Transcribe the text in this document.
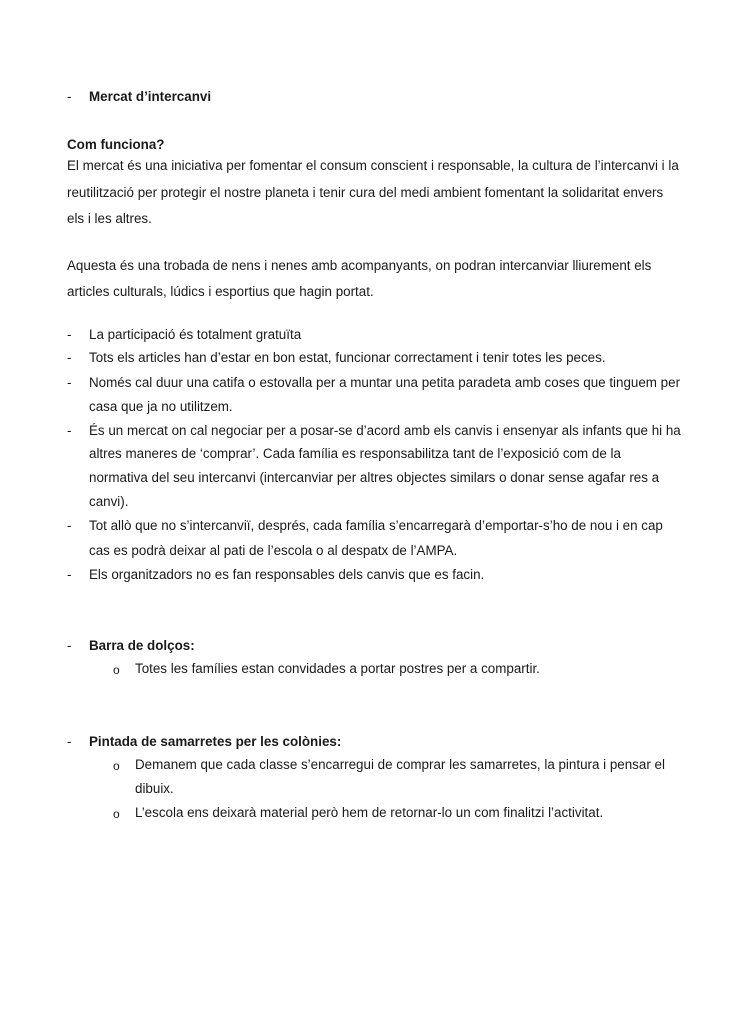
- Mercat d’intercanvi
Com funciona?
El mercat és una iniciativa per fomentar el consum conscient i responsable, la cultura de l’intercanvi i la
reutilització per protegir el nostre planeta i tenir cura del medi ambient fomentant la solidaritat envers
els i les altres.
Aquesta és una trobada de nens i nenes amb acompanyants, on podran intercanviar lliurement els
articles culturals, lúdics i esportius que hagin portat.
- La participació és totalment gratuïta
- Tots els articles han d’estar en bon estat, funcionar correctament i tenir totes les peces.
- Només cal duur una catifa o estovalla per a muntar una petita paradeta amb coses que tinguem per
casa que ja no utilitzem.
- És un mercat on cal negociar per a posar-se d’acord amb els canvis i ensenyar als infants que hi ha
altres maneres de ‘comprar’. Cada família es responsabilitza tant de l’exposició com de la
normativa del seu intercanvi (intercanviar per altres objectes similars o donar sense agafar res a
canvi).
- Tot allò que no s’intercanviï, després, cada família s’encarregarà d’emportar-s’ho de nou i en cap
cas es podrà deixar al pati de l’escola o al despatx de l’AMPA.
- Els organitzadors no es fan responsables dels canvis que es facin.
- Barra de dolços:
o Totes les famílies estan convidades a portar postres per a compartir.
- Pintada de samarretes per les colònies:
o Demanem que cada classe s’encarregui de comprar les samarretes, la pintura i pensar el
dibuix.
o L’escola ens deixarà material però hem de retornar-lo un com finalitzi l’activitat.
